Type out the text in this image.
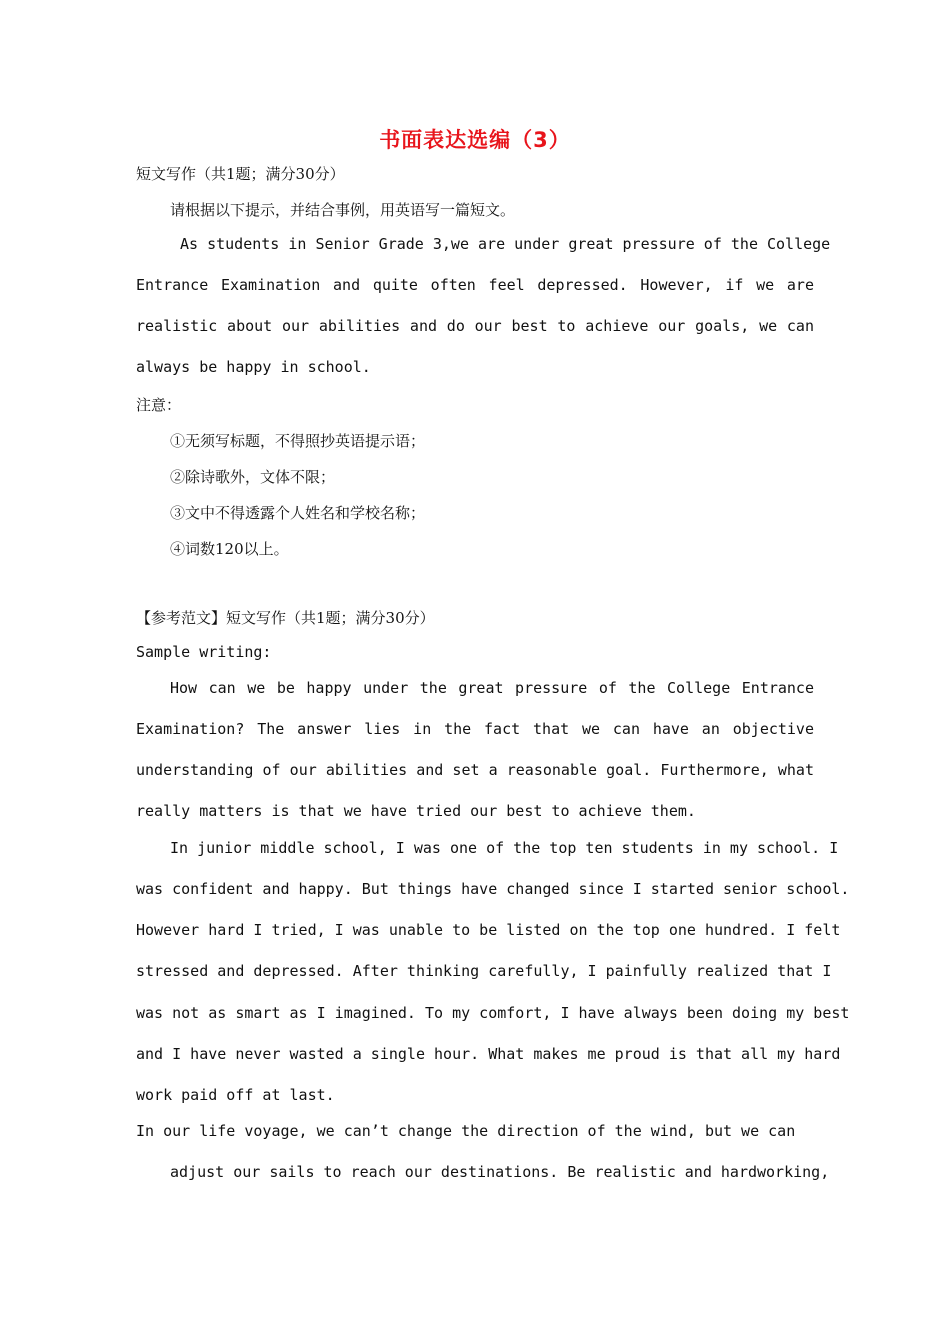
书面表达选编（3）
短文写作（共1题；满分30分）
请根据以下提示，并结合事例，用英语写一篇短文。
As students in Senior Grade 3,we are under great pressure of the College
Entrance Examination and quite often feel depressed. However, if we are
realistic about our abilities and do our best to achieve our goals, we can
always be happy in school.
注意：
①无须写标题，不得照抄英语提示语；
②除诗歌外，文体不限；
③文中不得透露个人姓名和学校名称；
④词数120以上。
【参考范文】短文写作（共1题；满分30分）
Sample writing:
How can we be happy under the great pressure of the College Entrance
Examination? The answer lies in the fact that we can have an objective
understanding of our abilities and set a reasonable goal. Furthermore, what
really matters is that we have tried our best to achieve them.
In junior middle school, I was one of the top ten students in my school. I
was confident and happy. But things have changed since I started senior school.
However hard I tried, I was unable to be listed on the top one hundred. I felt
stressed and depressed. After thinking carefully, I painfully realized that I
was not as smart as I imagined. To my comfort, I have always been doing my best
and I have never wasted a single hour. What makes me proud is that all my hard
work paid off at last.
In our life voyage, we can’t change the direction of the wind, but we can
adjust our sails to reach our destinations. Be realistic and hardworking,
